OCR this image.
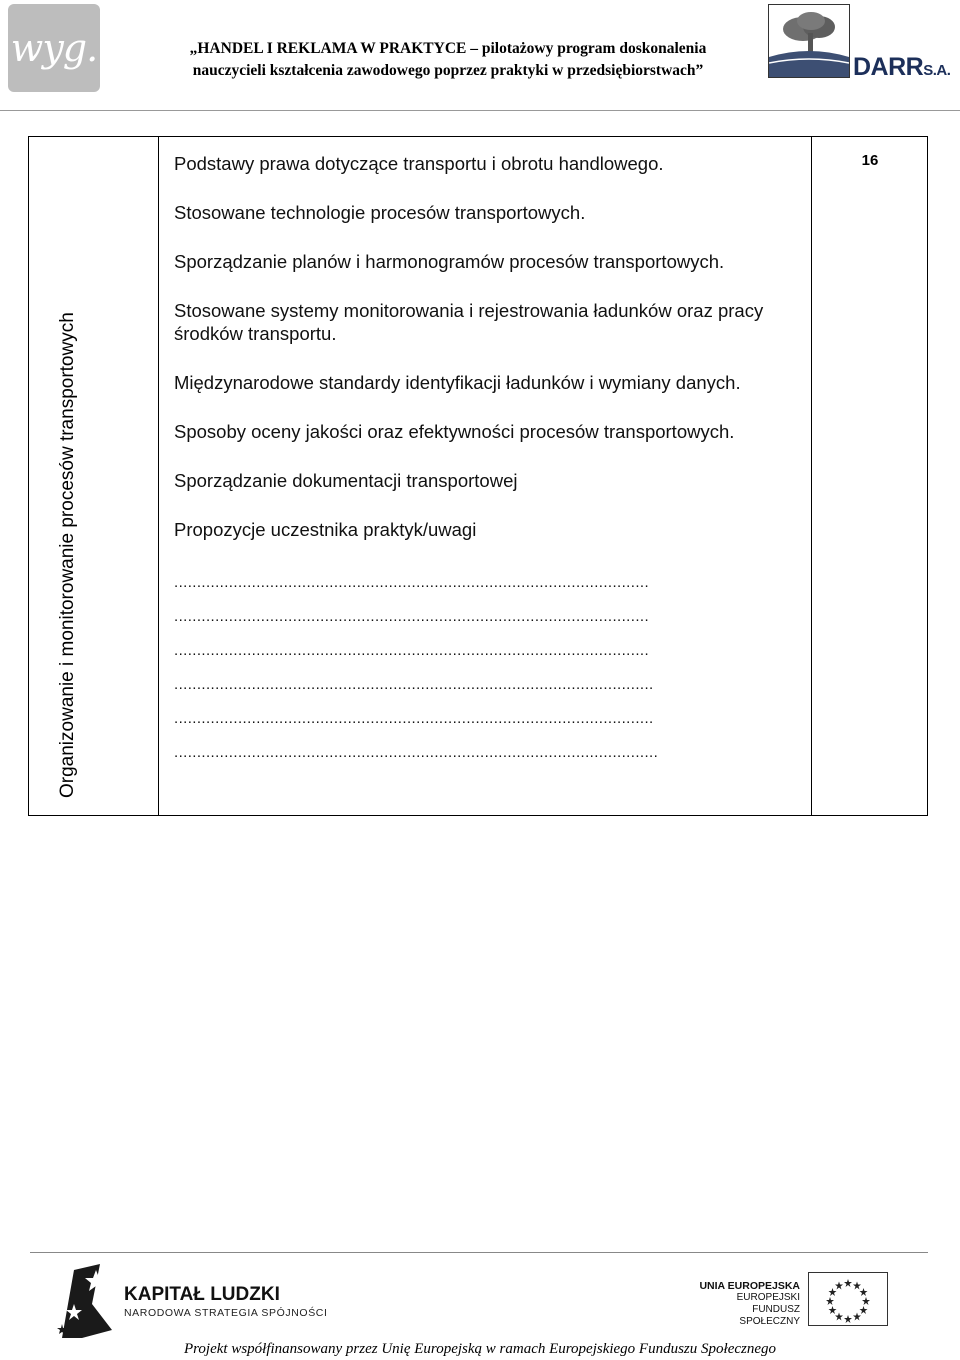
wyg.	„HANDEL I REKLAMA W PRAKTYCE – pilotażowy program doskonalenia
nauczycieli kształcenia zawodowego poprzez praktyki w przedsiębiorstwach”	DARRS.A.
Organizowanie i monitorowanie procesów transportowych
16
Podstawy prawa dotyczące transportu i obrotu handlowego.
Stosowane technologie procesów transportowych.
Sporządzanie planów i harmonogramów procesów transportowych.
Stosowane systemy monitorowania i rejestrowania ładunków oraz pracy środków transportu.
Międzynarodowe standardy identyfikacji ładunków i wymiany danych.
Sposoby oceny jakości oraz efektywności procesów transportowych.
Sporządzanie dokumentacji transportowej
Propozycje uczestnika praktyk/uwagi
........................................................................................................
........................................................................................................
........................................................................................................
.........................................................................................................
.........................................................................................................
..........................................................................................................
KAPITAŁ LUDZKI
NARODOWA STRATEGIA SPÓJNOŚCI
UNIA EUROPEJSKA
EUROPEJSKI
FUNDUSZ SPOŁECZNY
Projekt współfinansowany przez Unię Europejską w ramach Europejskiego Funduszu Społecznego
